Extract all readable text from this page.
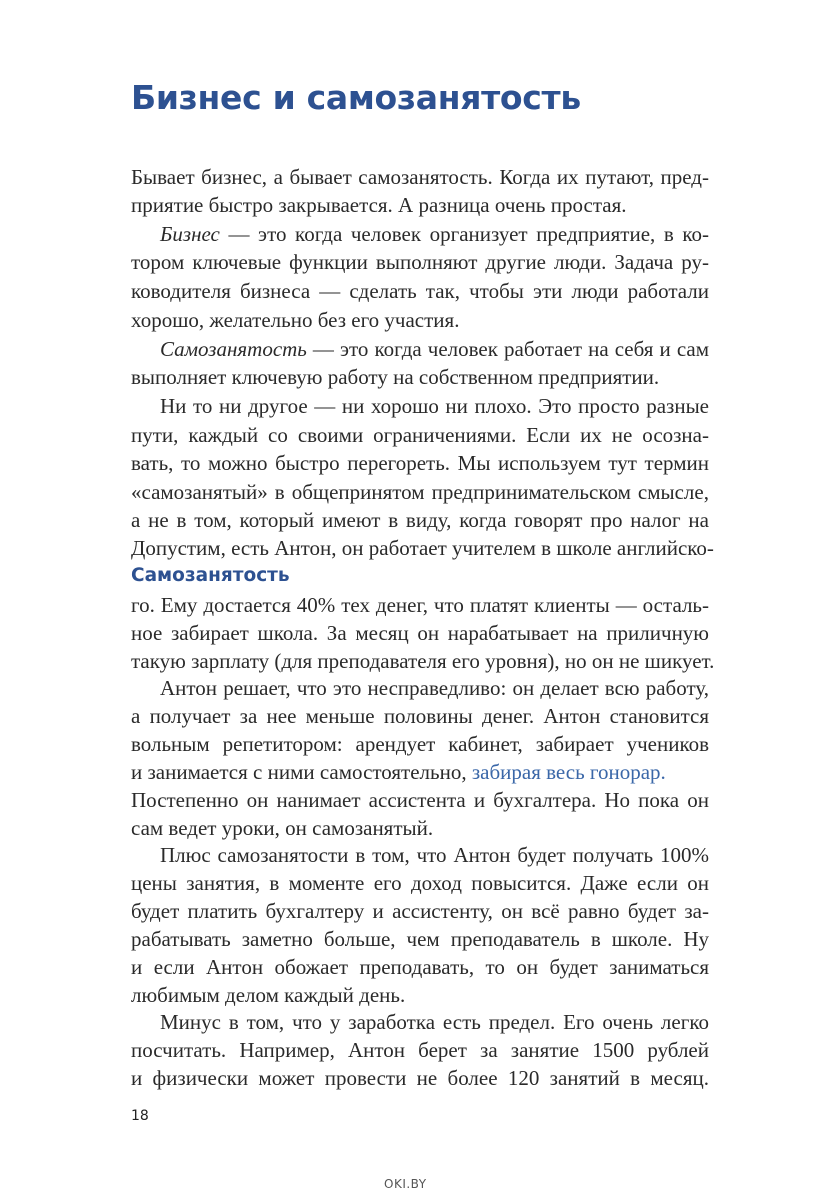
Бизнес и самозанятость
Бывает бизнес, а бывает самозанятость. Когда их путают, пред-
приятие быстро закрывается. А разница очень простая.
Бизнес — это когда человек организует предприятие, в ко-
тором ключевые функции выполняют другие люди. Задача ру-
ководителя бизнеса — сделать так, чтобы эти люди работали
хорошо, желательно без его участия.
Самозанятость — это когда человек работает на себя и сам
выполняет ключевую работу на собственном предприятии.
Ни то ни другое — ни хорошо ни плохо. Это просто разные
пути, каждый со своими ограничениями. Если их не осозна-
вать, то можно быстро перегореть. Мы используем тут термин
«самозанятый» в общепринятом предпринимательском смысле,
а не в том, который имеют в виду, когда говорят про налог на
Самозанятость
Допустим, есть Антон, он работает учителем в школе английско-
го. Ему достается 40% тех денег, что платят клиенты — осталь-
ное забирает школа. За месяц он нарабатывает на приличную
такую зарплату (для преподавателя его уровня), но он не шикует.
Антон решает, что это несправедливо: он делает всю работу,
а получает за нее меньше половины денег. Антон становится
вольным репетитором: арендует кабинет, забирает учеников
и занимается с ними самостоятельно, забирая весь гонорар.
Постепенно он нанимает ассистента и бухгалтера. Но пока он
сам ведет уроки, он самозанятый.
Плюс самозанятости в том, что Антон будет получать 100%
цены занятия, в моменте его доход повысится. Даже если он
будет платить бухгалтеру и ассистенту, он всё равно будет за-
рабатывать заметно больше, чем преподаватель в школе. Ну
и если Антон обожает преподавать, то он будет заниматься
любимым делом каждый день.
Минус в том, что у заработка есть предел. Его очень легко
посчитать. Например, Антон берет за занятие 1500 рублей
и физически может провести не более 120 занятий в месяц.
18
OKI.BY
